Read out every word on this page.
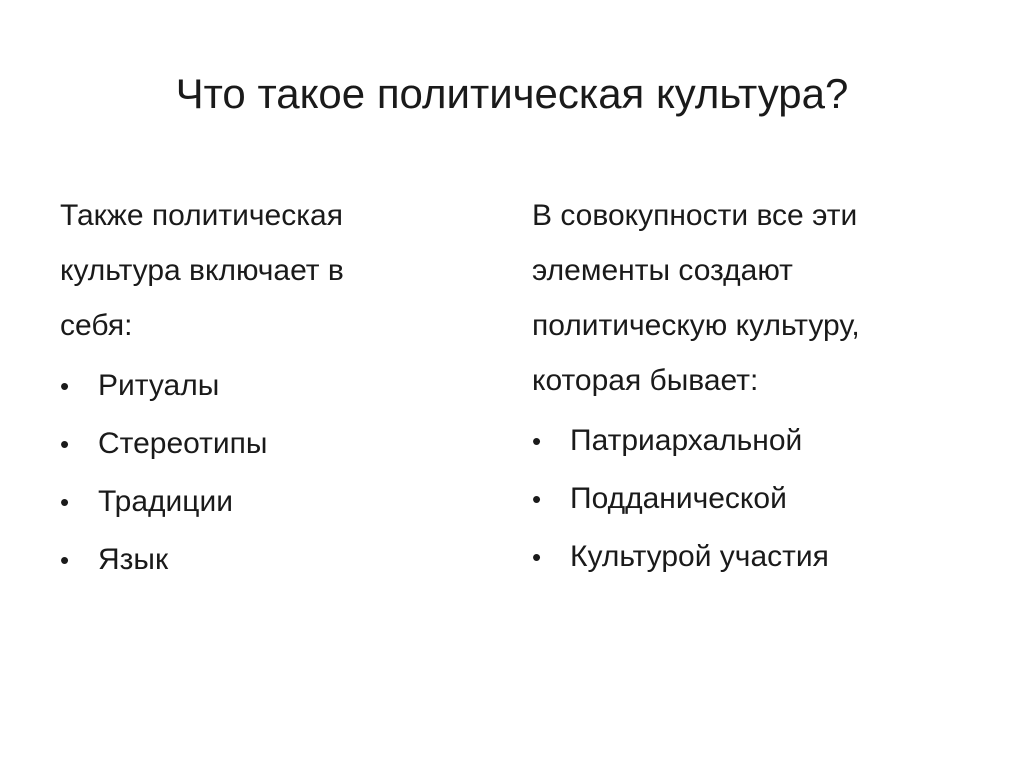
Что такое политическая культура?
Также политическая
культура включает в
себя:
• Ритуалы
• Стереотипы
• Традиции
• Язык
В совокупности все эти
элементы создают
политическую культуру,
которая бывает:
• Патриархальной
• Подданической
• Культурой участия
